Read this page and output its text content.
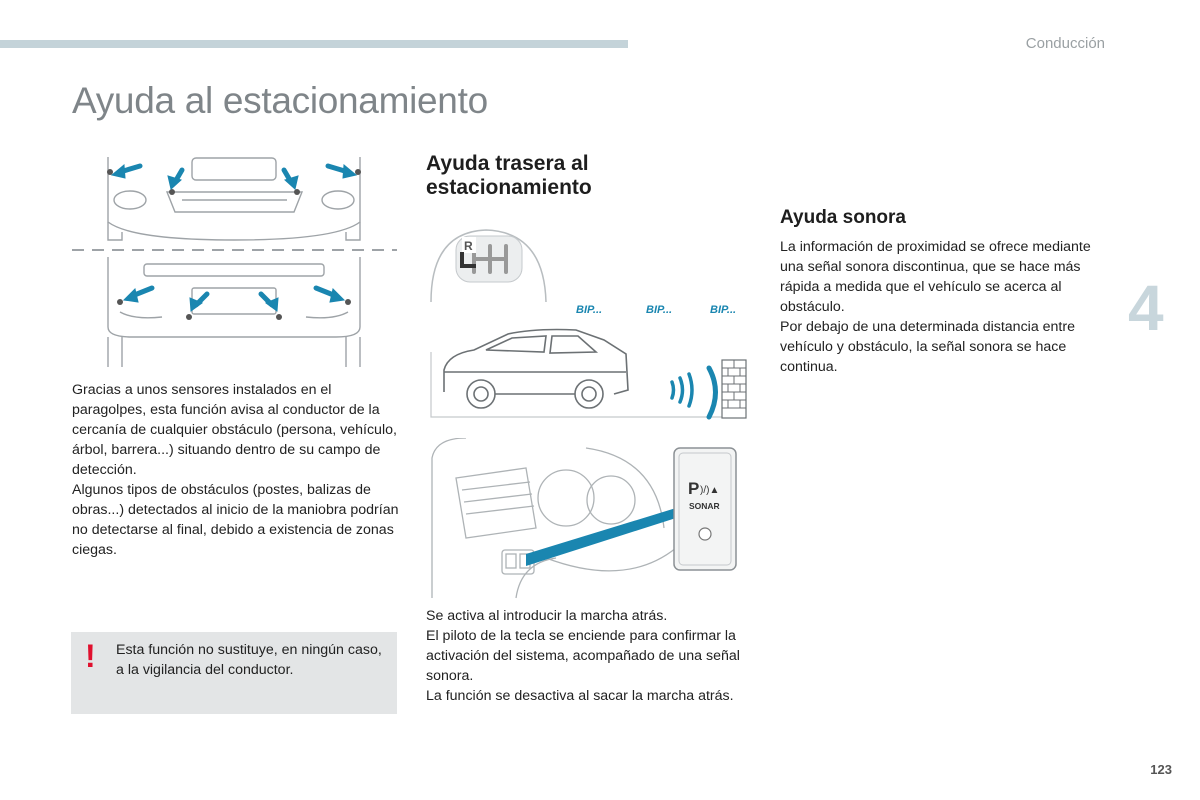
Conducción
Ayuda al estacionamiento

Gracias a unos sensores instalados en el paragolpes, esta función avisa al conductor de la cercanía de cualquier obstáculo (persona, vehículo, árbol, barrera...) situando dentro de su campo de detección.

Algunos tipos de obstáculos (postes, balizas de obras...) detectados al inicio de la maniobra podrían no detectarse al final, debido a existencia de zonas ciegas.

! Esta función no sustituye, en ningún caso, a la vigilancia del conductor.
Ayuda trasera al estacionamiento
R
BIP...	BIP...	BIP...
P )/)▲
SONAR

Se activa al introducir la marcha atrás.

El piloto de la tecla se enciende para confirmar la activación del sistema, acompañado de una señal sonora.

La función se desactiva al sacar la marcha atrás.

Ayuda sonora

La información de proximidad se ofrece mediante una señal sonora discontinua, que se hace más rápida a medida que el vehículo se acerca al obstáculo.

Por debajo de una determinada distancia entre vehículo y obstáculo, la señal sonora se hace continua.

4
123
